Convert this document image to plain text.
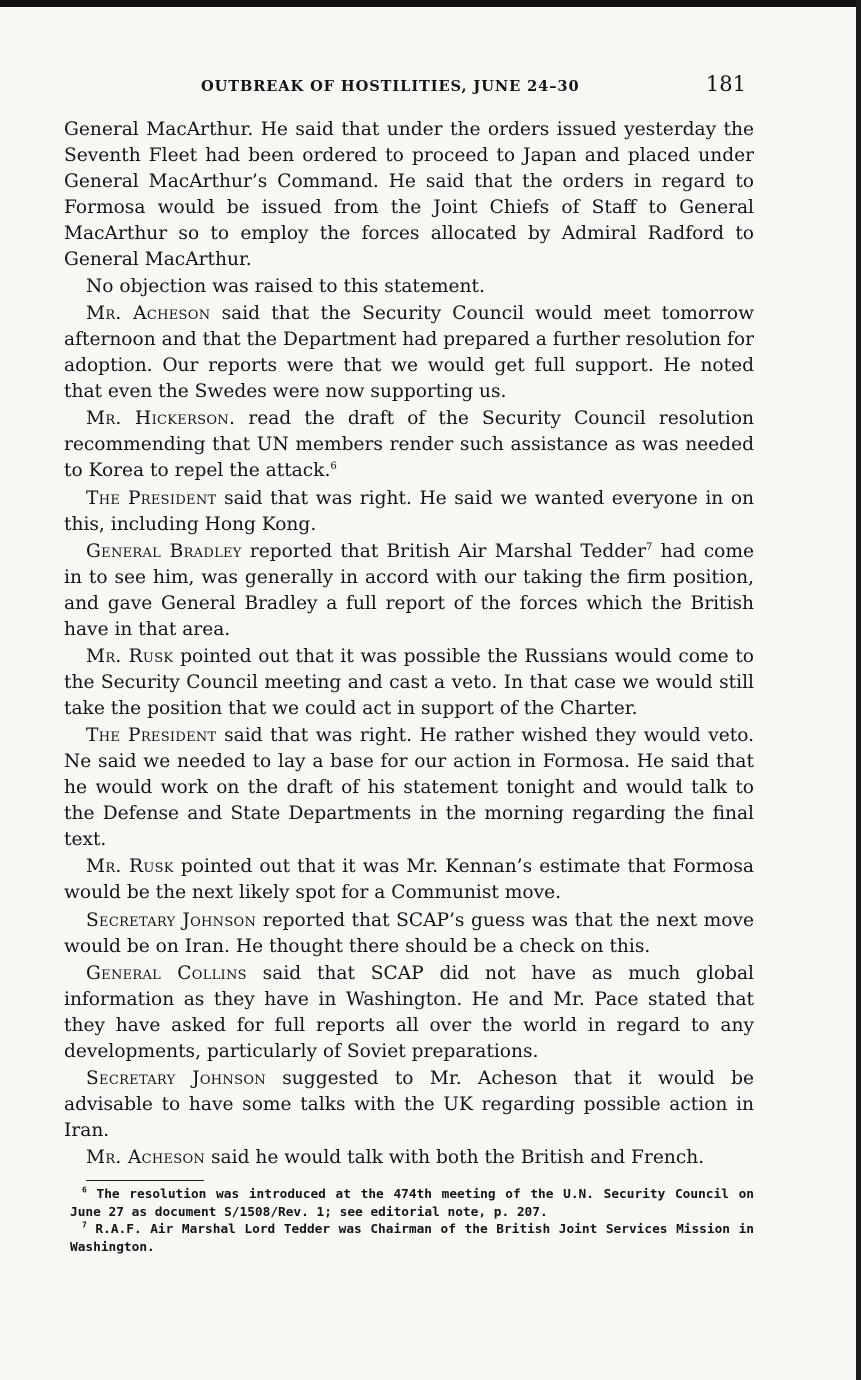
OUTBREAK OF HOSTILITIES, JUNE 24–30	181

General MacArthur. He said that under the orders issued yesterday the Seventh Fleet had been ordered to proceed to Japan and placed under General MacArthur’s Command. He said that the orders in regard to Formosa would be issued from the Joint Chiefs of Staff to General MacArthur so to employ the forces allocated by Admiral Radford to General MacArthur.

No objection was raised to this statement.

Mr. Acheson said that the Security Council would meet tomorrow afternoon and that the Department had prepared a further resolution for adoption. Our reports were that we would get full support. He noted that even the Swedes were now supporting us.

Mr. Hickerson. read the draft of the Security Council resolution recommending that UN members render such assistance as was needed to Korea to repel the attack.$^6$

The President said that was right. He said we wanted everyone in on this, including Hong Kong.

General Bradley reported that British Air Marshal Tedder$^7$ had come in to see him, was generally in accord with our taking the firm position, and gave General Bradley a full report of the forces which the British have in that area.

Mr. Rusk pointed out that it was possible the Russians would come to the Security Council meeting and cast a veto. In that case we would still take the position that we could act in support of the Charter.

The President said that was right. He rather wished they would veto. Ne said we needed to lay a base for our action in Formosa. He said that he would work on the draft of his statement tonight and would talk to the Defense and State Departments in the morning regarding the final text.

Mr. Rusk pointed out that it was Mr. Kennan’s estimate that Formosa would be the next likely spot for a Communist move.

Secretary Johnson reported that SCAP’s guess was that the next move would be on Iran. He thought there should be a check on this.

General Collins said that SCAP did not have as much global information as they have in Washington. He and Mr. Pace stated that they have asked for full reports all over the world in regard to any developments, particularly of Soviet preparations.

Secretary Johnson suggested to Mr. Acheson that it would be advisable to have some talks with the UK regarding possible action in Iran.

Mr. Acheson said he would talk with both the British and French.

$^6$ The resolution was introduced at the 474th meeting of the U.N. Security Council on June 27 as document S/1508/Rev. 1; see editorial note, p. 207.

$^7$ R.A.F. Air Marshal Lord Tedder was Chairman of the British Joint Services Mission in Washington.
